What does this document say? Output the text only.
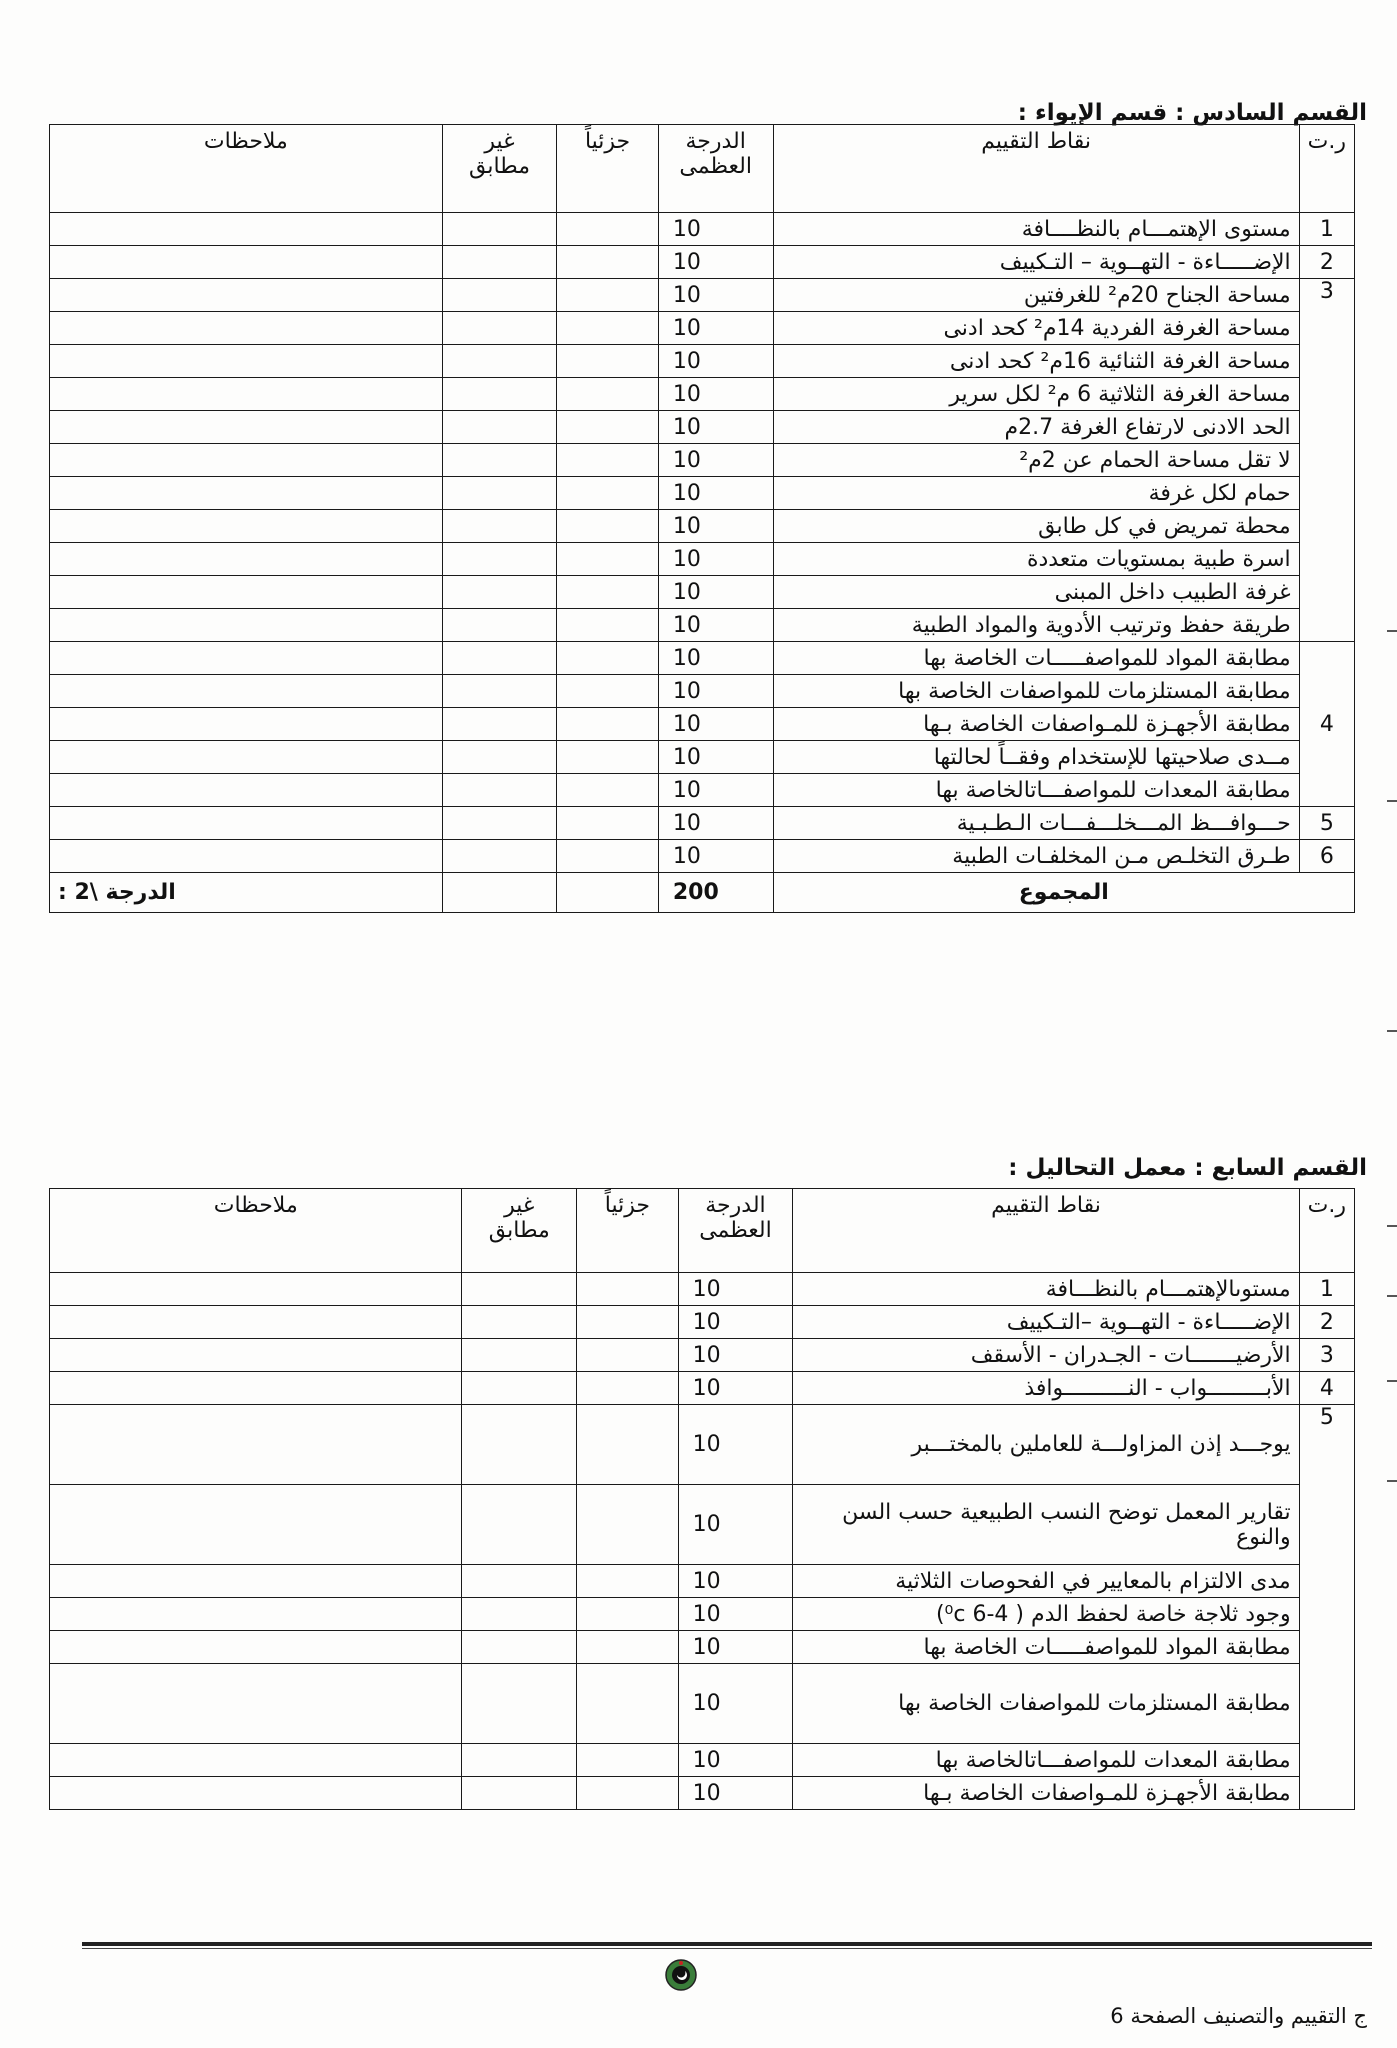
القسم السادس : قسم الإيواء :
ر.ت	نقاط التقييم	الدرجة العظمى	جزئياً	غير مطابق	ملاحظات
1	مستوى الإهتمـــام بالنظــــافة	10			
2	الإضـــــاءة - التهــوية – التـكييف	10			
3	مساحة الجناح 20م² للغرفتين	10			
	مساحة الغرفة الفردية 14م² كحد ادنى	10			
	مساحة الغرفة الثنائية 16م² كحد ادنى	10			
	مساحة الغرفة الثلاثية 6 م² لكل سرير	10			
	الحد الادنى لارتفاع الغرفة 2.7م	10			
	لا تقل مساحة الحمام عن 2م²	10			
	حمام لكل غرفة	10			
	محطة تمريض في كل طابق	10			
	اسرة طبية بمستويات متعددة	10			
	غرفة الطبيب داخل المبنى	10			
	طريقة حفظ وترتيب الأدوية والمواد الطبية	10			
4	مطابقة المواد للمواصفـــــات الخاصة بها	10			
	مطابقة المستلزمات للمواصفات الخاصة بها	10			
	مطابقة الأجهـزة للمـواصفات الخاصة بـها	10			
	مــدى صلاحيتها للإستخدام وفقــاً لحالتها	10			
	مطابقة المعدات للمواصفـــاتالخاصة بها	10			
5	حـــوافـــظ المـــخلـــفـــات الـطـبـية	10			
6	طـرق التخلـص مـن المخلفـات الطبية	10			
المجموع		200			الدرجة \2 :
القسم السابع : معمل التحاليل :
ر.ت	نقاط التقييم	الدرجة العظمى	جزئياً	غير مطابق	ملاحظات
1	مستوىالإهتمـــام بالنظـــافة	10			
2	الإضـــــاءة - التهــوية –التـكييف	10			
3	الأرضيـــــــات - الجـدران - الأسقف	10			
4	الأبـــــــــواب - النــــــــــوافذ	10			
5	يوجـــد إذن المزاولـــة للعاملين بالمختـــبر	10			
	تقارير المعمل توضح النسب الطبيعية حسب السن والنوع	10			
	مدى الالتزام بالمعايير في الفحوصات الثلاثية	10			
	وجود ثلاجة خاصة لحفظ الدم ( 4-6 ⁰c)	10			
	مطابقة المواد للمواصفـــــات الخاصة بها	10			
	مطابقة المستلزمات للمواصفات الخاصة بها	10			
	مطابقة المعدات للمواصفـــاتالخاصة بها	10			
	مطابقة الأجهـزة للمـواصفات الخاصة بـها	10			
ج التقييم والتصنيف الصفحة 6
